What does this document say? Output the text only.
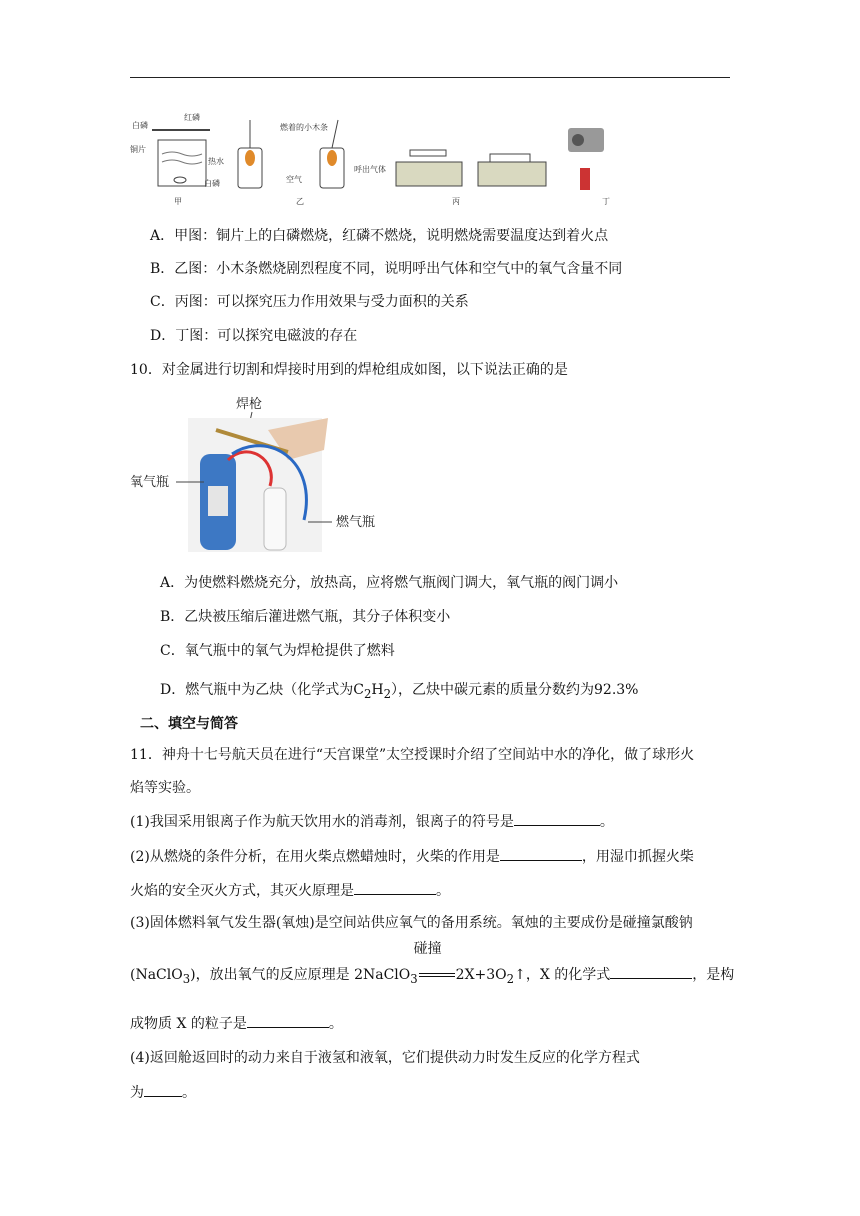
白磷
红磷
铜片
热水
白磷
甲
燃着的小木条
空气
呼出气体
乙	丙	丁
A．甲图：铜片上的白磷燃烧，红磷不燃烧，说明燃烧需要温度达到着火点
B．乙图：小木条燃烧剧烈程度不同，说明呼出气体和空气中的氧气含量不同
C．丙图：可以探究压力作用效果与受力面积的关系
D．丁图：可以探究电磁波的存在
10．对金属进行切割和焊接时用到的焊枪组成如图，以下说法正确的是
焊枪
氧气瓶
燃气瓶
A．为使燃料燃烧充分，放热高，应将燃气瓶阀门调大，氧气瓶的阀门调小
B．乙炔被压缩后灌进燃气瓶，其分子体积变小
C．氧气瓶中的氧气为焊枪提供了燃料
D．燃气瓶中为乙炔（化学式为$C_2H_2$），乙炔中碳元素的质量分数约为92.3%
二、填空与简答
11．神舟十七号航天员在进行“天宫课堂”太空授课时介绍了空间站中水的净化，做了球形火
焰等实验。
(1)我国采用银离子作为航天饮用水的消毒剂，银离子的符号是	。
(2)从燃烧的条件分析，在用火柴点燃蜡烛时，火柴的作用是	，用湿巾抓握火柴
火焰的安全灭火方式，其灭火原理是	。
(3)固体燃料氧气发生器(氧烛)是空间站供应氧气的备用系统。氧烛的主要成份是碰撞氯酸钠
(NaClO$_3$)，放出氧气的反应原理是 2NaClO$_3$
碰撞
$2X+3O_2↑$，X 的化学式	，是构
成物质 X 的粒子是	。
(4)返回舱返回时的动力来自于液氢和液氧，它们提供动力时发生反应的化学方程式
为	。
